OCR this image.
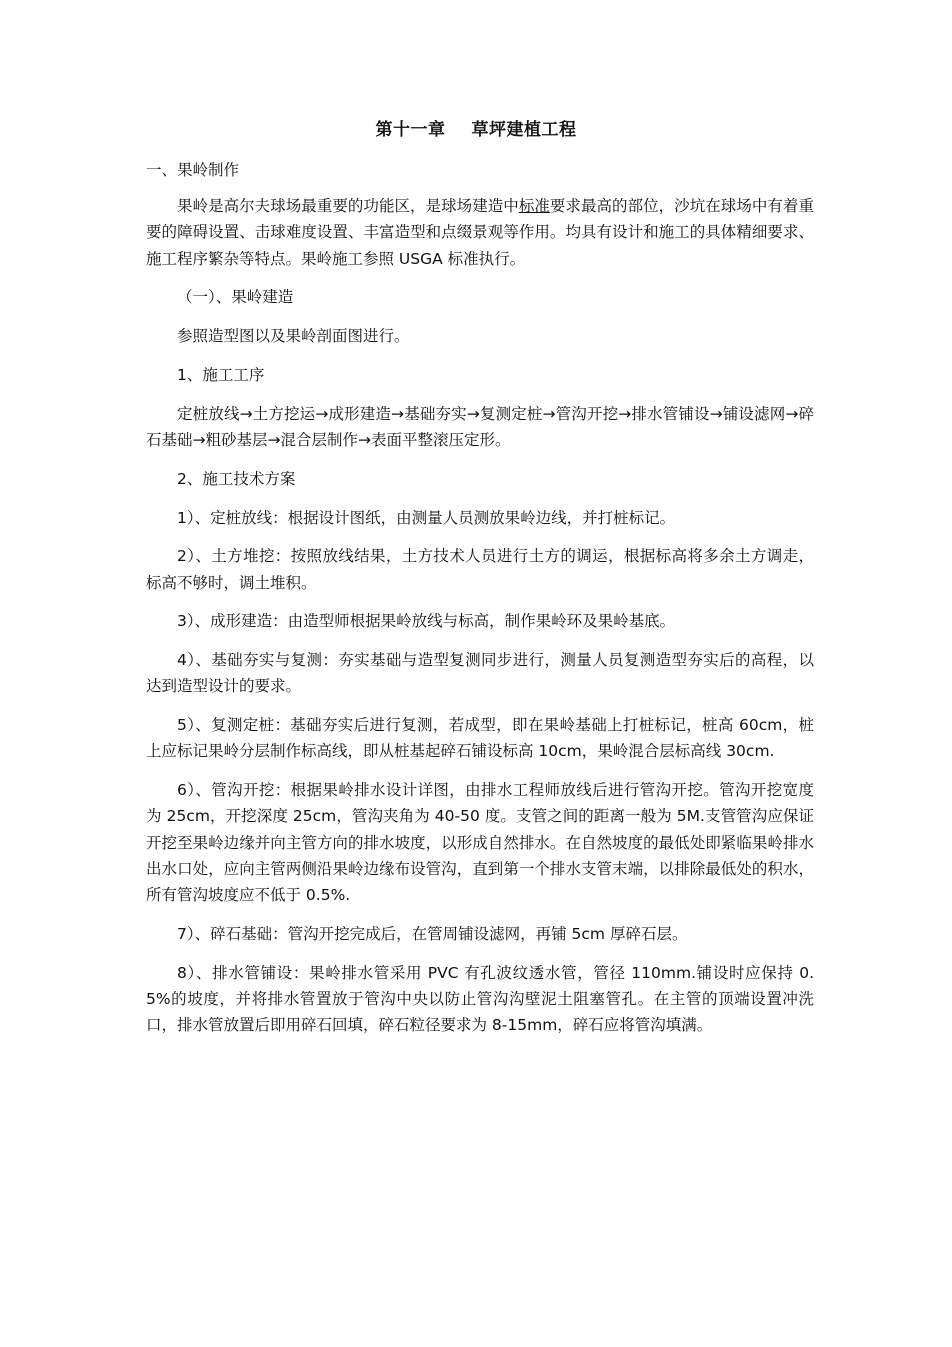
第十一章 草坪建植工程

一、果岭制作

果岭是高尔夫球场最重要的功能区，是球场建造中标准要求最高的部位，沙坑在球场中有着重要的障碍设置、击球难度设置、丰富造型和点缀景观等作用。均具有设计和施工的具体精细要求、施工程序繁杂等特点。果岭施工参照 USGA 标准执行。

（一）、果岭建造

参照造型图以及果岭剖面图进行。

1、施工工序

定桩放线→土方挖运→成形建造→基础夯实→复测定桩→管沟开挖→排水管铺设→铺设滤网→碎石基础→粗砂基层→混合层制作→表面平整滚压定形。

2、施工技术方案

1）、定桩放线：根据设计图纸，由测量人员测放果岭边线，并打桩标记。

2）、土方堆挖：按照放线结果，土方技术人员进行土方的调运，根据标高将多余土方调走，标高不够时，调土堆积。

3）、成形建造：由造型师根据果岭放线与标高，制作果岭环及果岭基底。

4）、基础夯实与复测：夯实基础与造型复测同步进行，测量人员复测造型夯实后的高程，以达到造型设计的要求。

5）、复测定桩：基础夯实后进行复测，若成型，即在果岭基础上打桩标记，桩高 60cm，桩上应标记果岭分层制作标高线，即从桩基起碎石铺设标高 10cm，果岭混合层标高线 30cm.

6）、管沟开挖：根据果岭排水设计详图，由排水工程师放线后进行管沟开挖。管沟开挖宽度为 25cm，开挖深度 25cm，管沟夹角为 40-50 度。支管之间的距离一般为 5M.支管管沟应保证开挖至果岭边缘并向主管方向的排水坡度，以形成自然排水。在自然坡度的最低处即紧临果岭排水出水口处，应向主管两侧沿果岭边缘布设管沟，直到第一个排水支管末端，以排除最低处的积水，所有管沟坡度应不低于 0.5%.

7）、碎石基础：管沟开挖完成后，在管周铺设滤网，再铺 5cm 厚碎石层。

8）、排水管铺设：果岭排水管采用 PVC 有孔波纹透水管，管径 110mm.铺设时应保持 0.5%的坡度，并将排水管置放于管沟中央以防止管沟沟壁泥土阻塞管孔。在主管的顶端设置冲洗口，排水管放置后即用碎石回填，碎石粒径要求为 8-15mm，碎石应将管沟填满。
